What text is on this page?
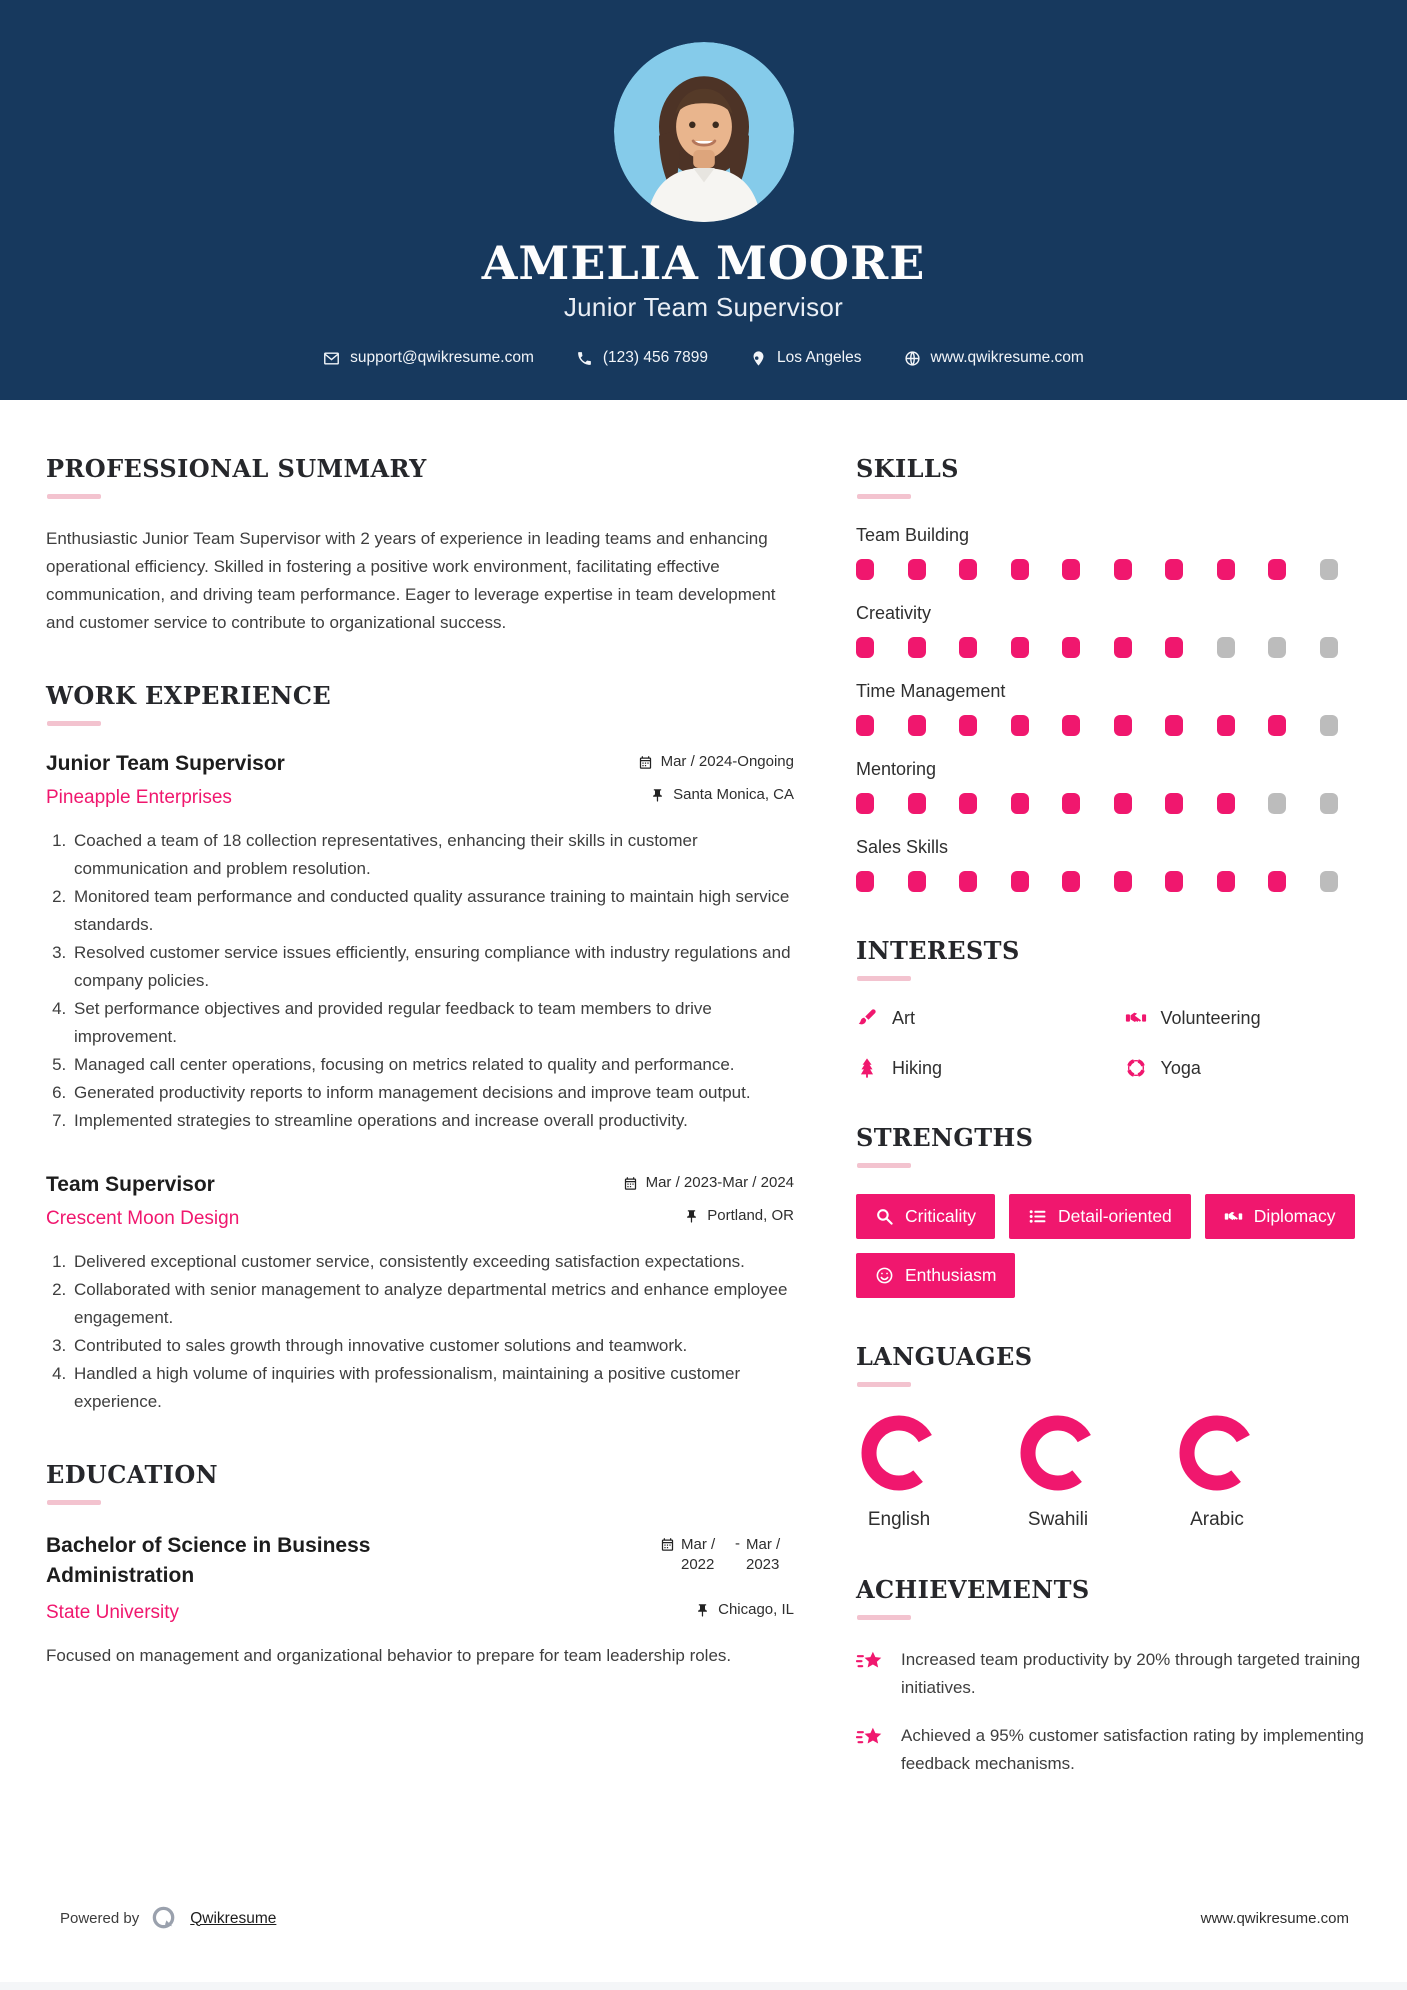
AMELIA MOORE
Junior Team Supervisor
support@qwikresume.com	(123) 456 7899	Los Angeles	www.qwikresume.com
PROFESSIONAL SUMMARY

Enthusiastic Junior Team Supervisor with 2 years of experience in leading teams and enhancing operational efficiency. Skilled in fostering a positive work environment, facilitating effective communication, and driving team performance. Eager to leverage expertise in team development and customer service to contribute to organizational success.

WORK EXPERIENCE
Junior Team Supervisor	Mar / 2024-Ongoing
Pineapple Enterprises	Santa Monica, CA
1. Coached a team of 18 collection representatives, enhancing their skills in customer communication and problem resolution.
2. Monitored team performance and conducted quality assurance training to maintain high service standards.
3. Resolved customer service issues efficiently, ensuring compliance with industry regulations and company policies.
4. Set performance objectives and provided regular feedback to team members to drive improvement.
5. Managed call center operations, focusing on metrics related to quality and performance.
6. Generated productivity reports to inform management decisions and improve team output.
7. Implemented strategies to streamline operations and increase overall productivity.
Team Supervisor	Mar / 2023-Mar / 2024
Crescent Moon Design	Portland, OR
1. Delivered exceptional customer service, consistently exceeding satisfaction expectations.
2. Collaborated with senior management to analyze departmental metrics and enhance employee engagement.
3. Contributed to sales growth through innovative customer solutions and teamwork.
4. Handled a high volume of inquiries with professionalism, maintaining a positive customer experience.
EDUCATION
Bachelor of Science in Business Administration
Mar / 2022
- Mar / 2023
State University	Chicago, IL

Focused on management and organizational behavior to prepare for team leadership roles.

SKILLS
Team Building
Creativity
Time Management
Mentoring
Sales Skills
INTERESTS
Art	Volunteering
Hiking	Yoga
STRENGTHS
Criticality	Detail-oriented	Diplomacy
Enthusiasm
LANGUAGES
English	Swahili	Arabic
ACHIEVEMENTS

Increased team productivity by 20% through targeted training initiatives.

Achieved a 95% customer satisfaction rating by implementing feedback mechanisms.

Powered by	Qwikresume	www.qwikresume.com
